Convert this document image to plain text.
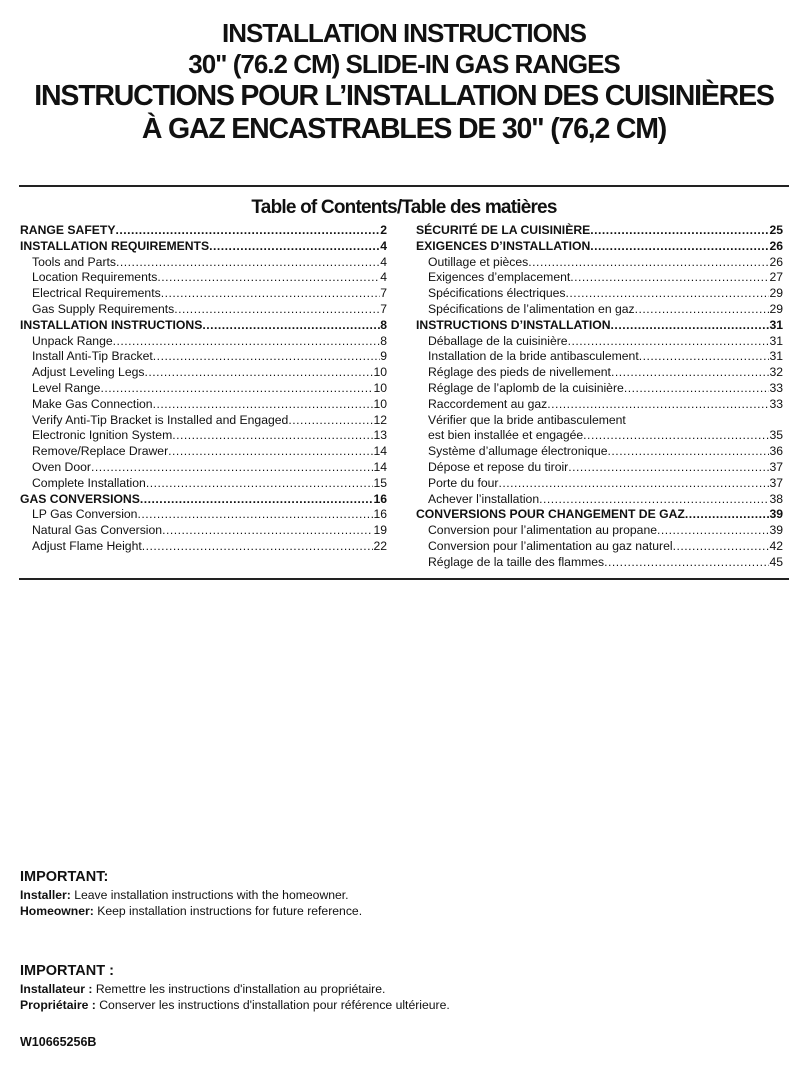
INSTALLATION INSTRUCTIONS
30" (76.2 CM) SLIDE-IN GAS RANGES
INSTRUCTIONS POUR L’INSTALLATION DES CUISINIÈRES
À GAZ ENCASTRABLES DE 30" (76,2 CM)
Table of Contents/Table des matières
RANGE SAFETY .....	2
INSTALLATION REQUIREMENTS .....	4
Tools and Parts .....	4
Location Requirements .....	4
Electrical Requirements .....	7
Gas Supply Requirements .....	7
INSTALLATION INSTRUCTIONS .....	8
Unpack Range .....	8
Install Anti-Tip Bracket .....	9
Adjust Leveling Legs .....	10
Level Range .....	10
Make Gas Connection .....	10
Verify Anti-Tip Bracket is Installed and Engaged .....	12
Electronic Ignition System .....	13
Remove/Replace Drawer .....	14
Oven Door .....	14
Complete Installation .....	15
GAS CONVERSIONS .....	16
LP Gas Conversion .....	16
Natural Gas Conversion .....	19
Adjust Flame Height .....	22
SÉCURITÉ DE LA CUISINIÈRE .....	25
EXIGENCES D’INSTALLATION .....	26
Outillage et pièces .....	26
Exigences d’emplacement .....	27
Spécifications électriques .....	29
Spécifications de l’alimentation en gaz .....	29
INSTRUCTIONS D’INSTALLATION .....	31
Déballage de la cuisinière .....	31
Installation de la bride antibasculement .....	31
Réglage des pieds de nivellement .....	32
Réglage de l’aplomb de la cuisinière .....	33
Raccordement au gaz .....	33
Vérifier que la bride antibasculement
est bien installée et engagée .....	35
Système d’allumage électronique .....	36
Dépose et repose du tiroir .....	37
Porte du four .....	37
Achever l’installation .....	38
CONVERSIONS POUR CHANGEMENT DE GAZ .....	39
Conversion pour l’alimentation au propane .....	39
Conversion pour l’alimentation au gaz naturel .....	42
Réglage de la taille des flammes .....	45
IMPORTANT:
Installer: Leave installation instructions with the homeowner.
Homeowner: Keep installation instructions for future reference.
IMPORTANT :
Installateur : Remettre les instructions d'installation au propriétaire.
Propriétaire : Conserver les instructions d'installation pour référence ultérieure.
W10665256B
